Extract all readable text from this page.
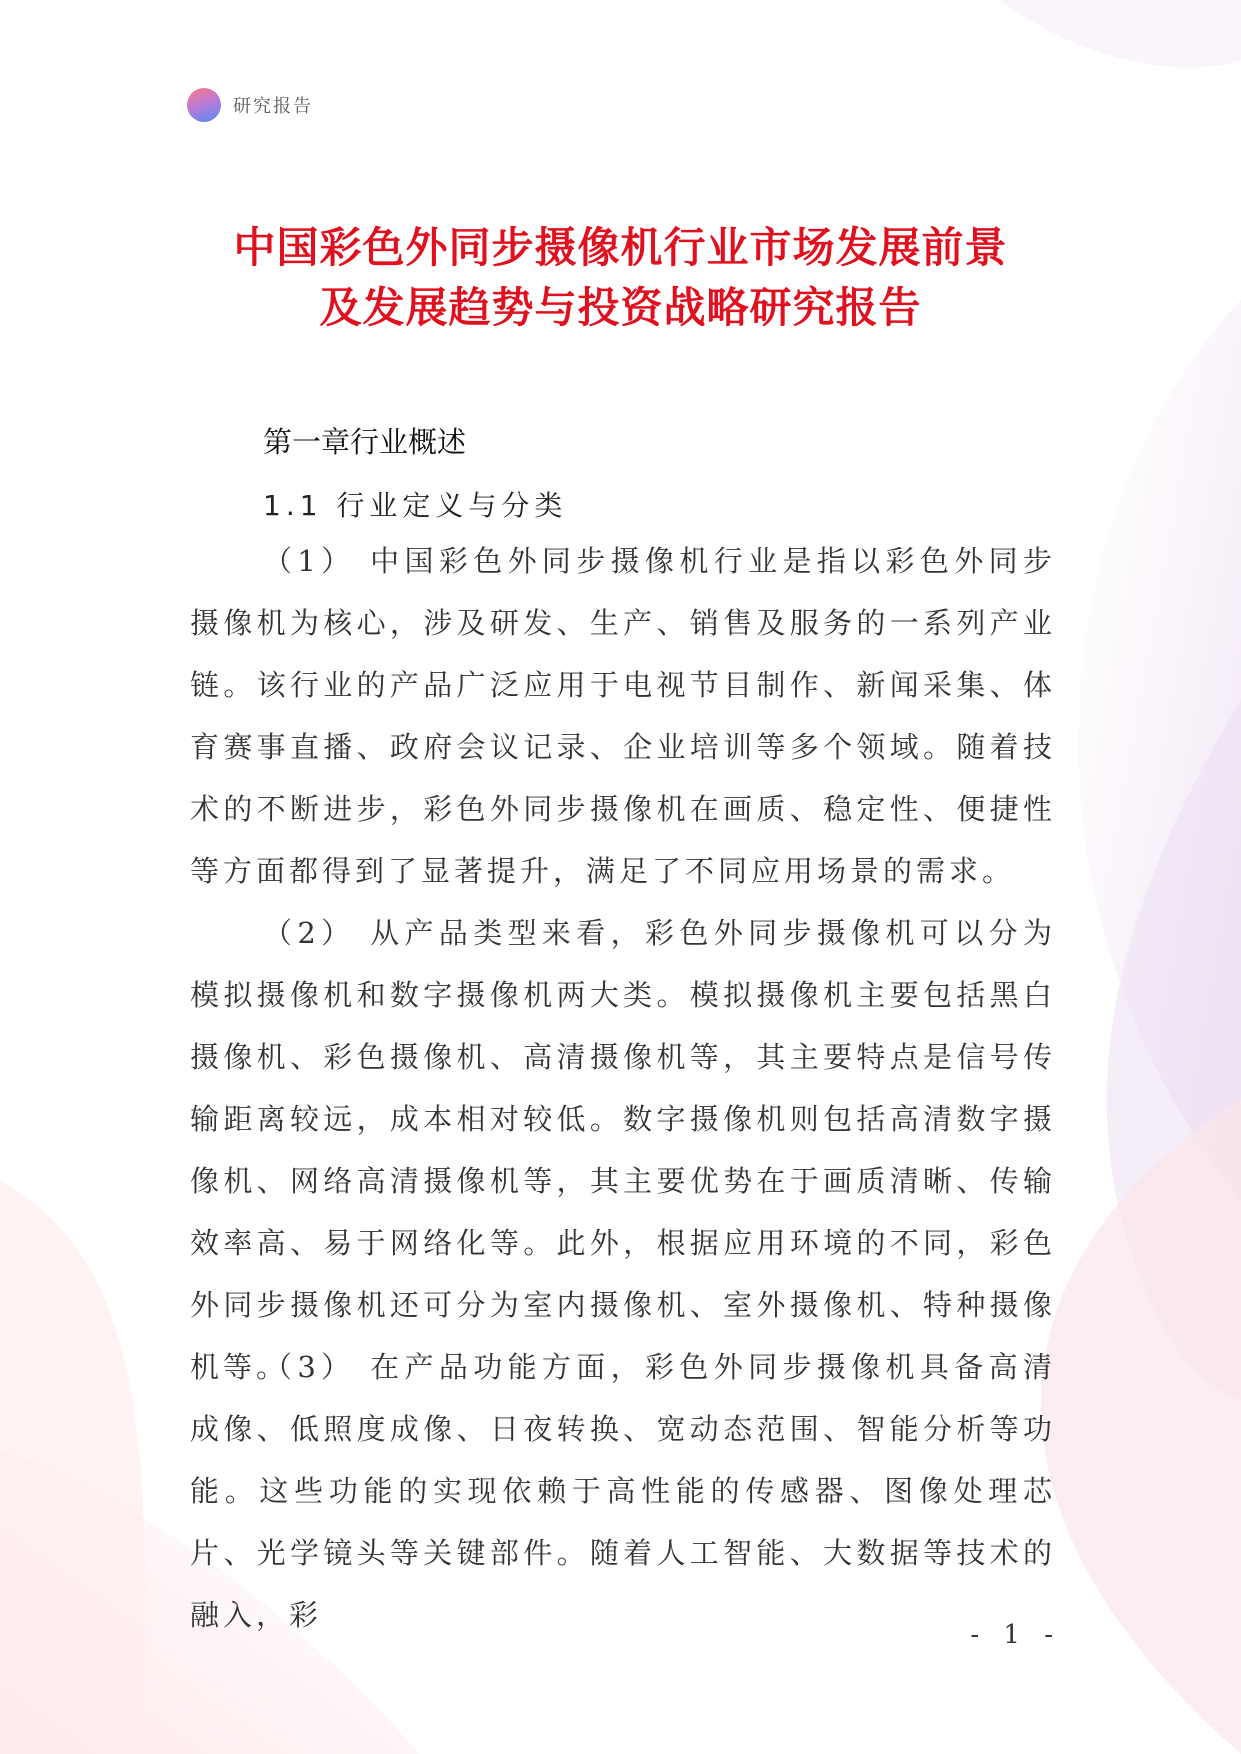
研究报告
中国彩色外同步摄像机行业市场发展前景
及发展趋势与投资战略研究报告
第一章行业概述
1.1 行业定义与分类

（1） 中国彩色外同步摄像机行业是指以彩色外同步摄像机为核心，涉及研发、生产、销售及服务的一系列产业链。该行业的产品广泛应用于电视节目制作、新闻采集、体育赛事直播、政府会议记录、企业培训等多个领域。随着技术的不断进步，彩色外同步摄像机在画质、稳定性、便捷性等方面都得到了显著提升，满足了不同应用场景的需求。

（2） 从产品类型来看，彩色外同步摄像机可以分为模拟摄像机和数字摄像机两大类。模拟摄像机主要包括黑白摄像机、彩色摄像机、高清摄像机等，其主要特点是信号传输距离较远，成本相对较低。数字摄像机则包括高清数字摄像机、网络高清摄像机等，其主要优势在于画质清晰、传输效率高、易于网络化等。此外，根据应用环境的不同，彩色外同步摄像机还可分为室内摄像机、室外摄像机、特种摄像机等。

（3） 在产品功能方面，彩色外同步摄像机具备高清成像、低照度成像、日夜转换、宽动态范围、智能分析等功能。这些功能的实现依赖于高性能的传感器、图像处理芯片、光学镜头等关键部件。随着人工智能、大数据等技术的融入，彩

- 1 -
